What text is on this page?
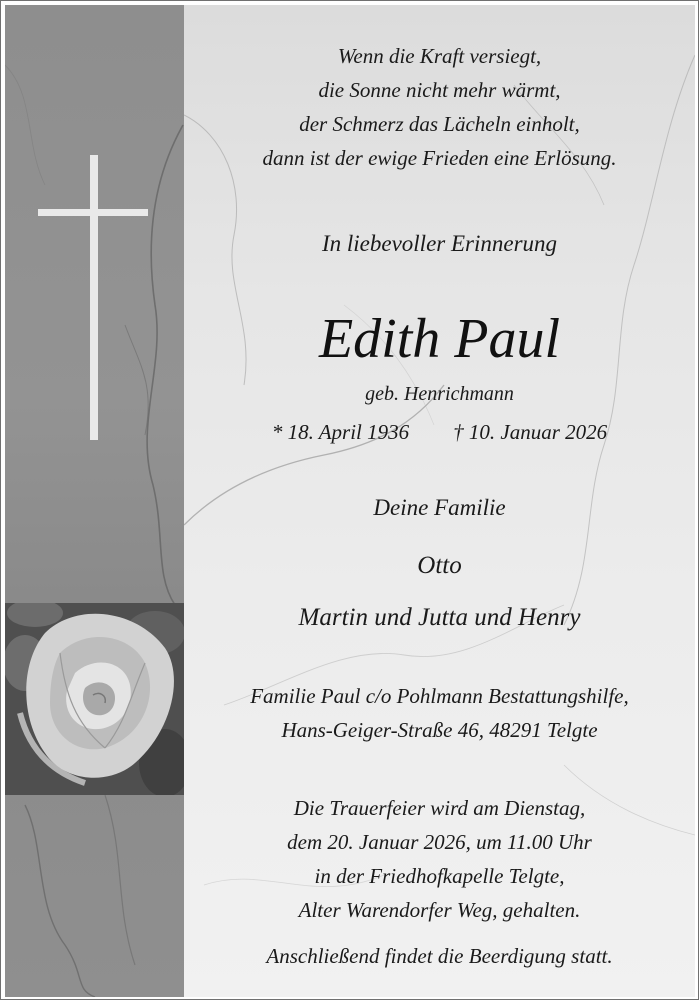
Wenn die Kraft versiegt,
die Sonne nicht mehr wärmt,
der Schmerz das Lächeln einholt,
dann ist der ewige Frieden eine Erlösung.
In liebevoller Erinnerung
Edith Paul
geb. Henrichmann
* 18. April 1936 † 10. Januar 2026
Deine Familie
Otto
Martin und Jutta und Henry
Familie Paul c/o Pohlmann Bestattungshilfe,
Hans-Geiger-Straße 46, 48291 Telgte
Die Trauerfeier wird am Dienstag,
dem 20. Januar 2026, um 11.00 Uhr
in der Friedhofkapelle Telgte,
Alter Warendorfer Weg, gehalten.
Anschließend findet die Beerdigung statt.
